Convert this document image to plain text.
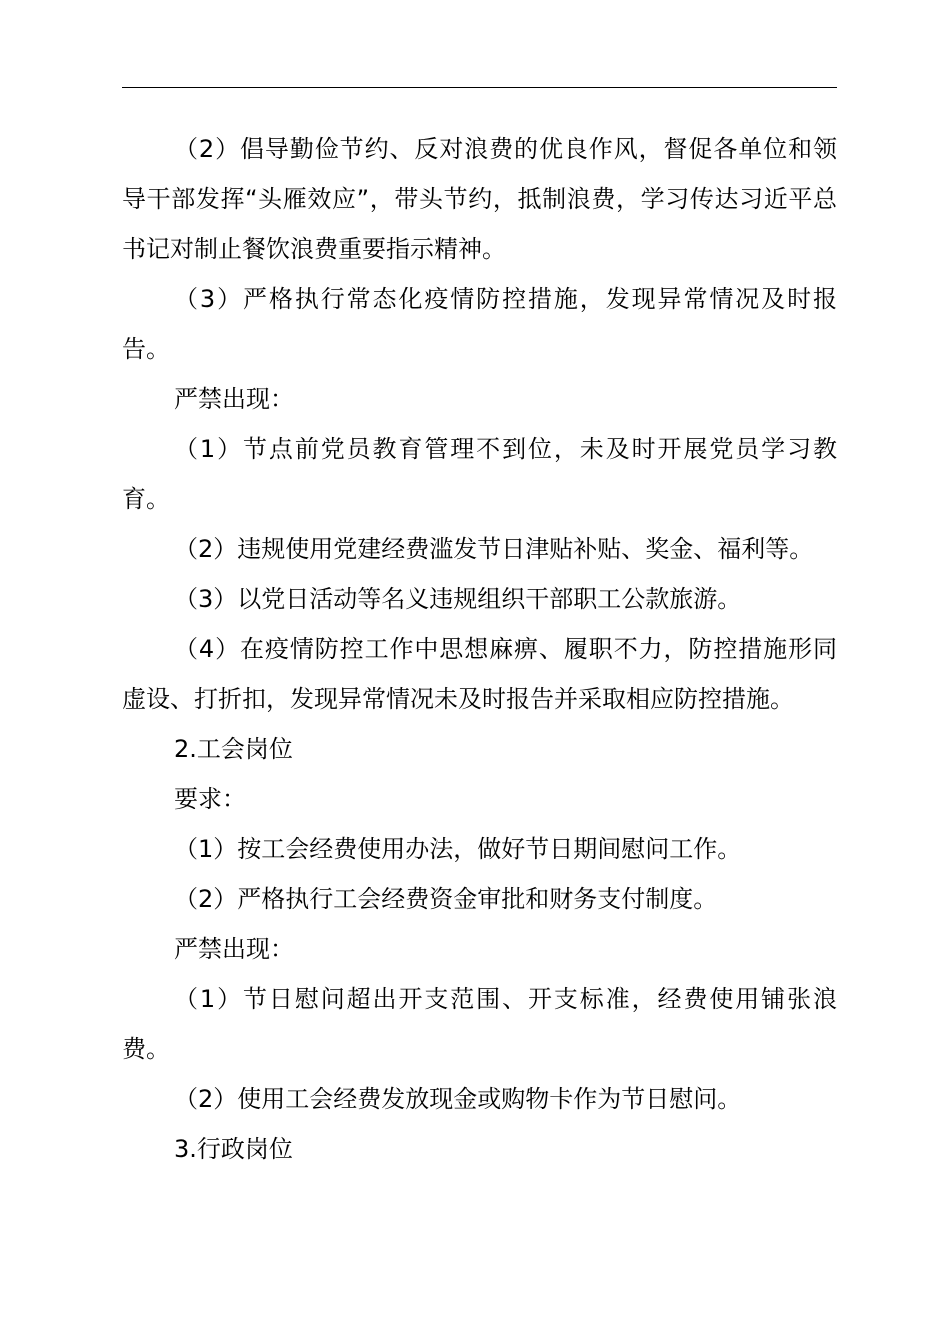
（2）倡导勤俭节约、反对浪费的优良作风，督促各单位和领导干部发挥“头雁效应”，带头节约，抵制浪费，学习传达习近平总书记对制止餐饮浪费重要指示精神。

（3）严格执行常态化疫情防控措施，发现异常情况及时报告。

严禁出现：

（1）节点前党员教育管理不到位，未及时开展党员学习教育。

（2）违规使用党建经费滥发节日津贴补贴、奖金、福利等。

（3）以党日活动等名义违规组织干部职工公款旅游。

（4）在疫情防控工作中思想麻痹、履职不力，防控措施形同虚设、打折扣，发现异常情况未及时报告并采取相应防控措施。

2.工会岗位

要求：

（1）按工会经费使用办法，做好节日期间慰问工作。

（2）严格执行工会经费资金审批和财务支付制度。

严禁出现：

（1）节日慰问超出开支范围、开支标准，经费使用铺张浪费。

（2）使用工会经费发放现金或购物卡作为节日慰问。

3.行政岗位
